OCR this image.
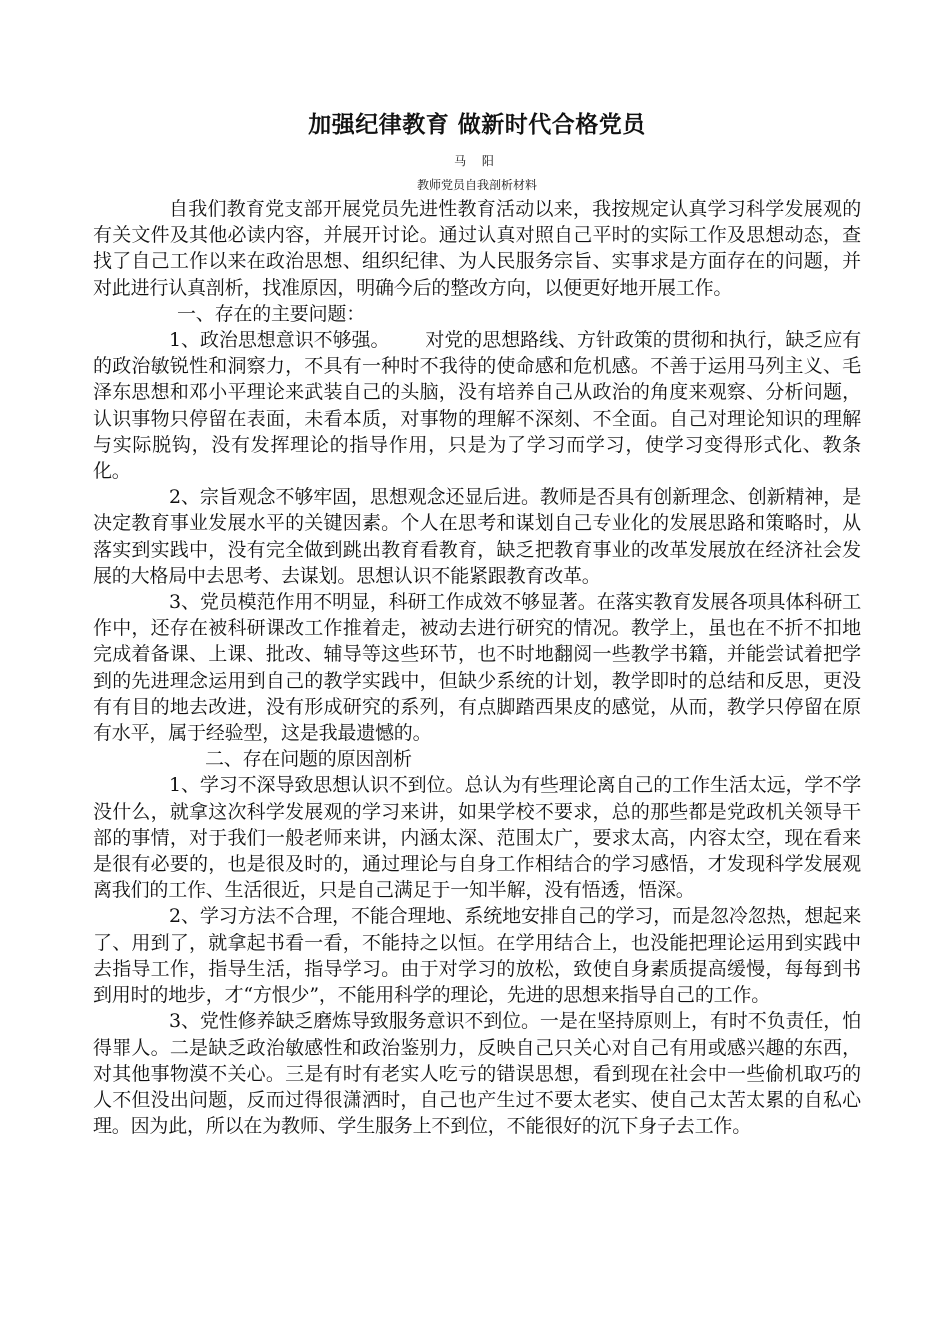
加强纪律教育 做新时代合格党员
马 阳
教师党员自我剖析材料

自我们教育党支部开展党员先进性教育活动以来，我按规定认真学习科学发展观的有关文件及其他必读内容，并展开讨论。通过认真对照自己平时的实际工作及思想动态，查找了自己工作以来在政治思想、组织纪律、为人民服务宗旨、实事求是方面存在的问题，并对此进行认真剖析，找准原因，明确今后的整改方向，以便更好地开展工作。

一、存在的主要问题：

1、政治思想意识不够强。 对党的思想路线、方针政策的贯彻和执行，缺乏应有的政治敏锐性和洞察力，不具有一种时不我待的使命感和危机感。不善于运用马列主义、毛泽东思想和邓小平理论来武装自己的头脑，没有培养自己从政治的角度来观察、分析问题，认识事物只停留在表面，未看本质，对事物的理解不深刻、不全面。自己对理论知识的理解与实际脱钩，没有发挥理论的指导作用，只是为了学习而学习，使学习变得形式化、教条化。

2、宗旨观念不够牢固，思想观念还显后进。教师是否具有创新理念、创新精神，是决定教育事业发展水平的关键因素。个人在思考和谋划自己专业化的发展思路和策略时，从落实到实践中，没有完全做到跳出教育看教育，缺乏把教育事业的改革发展放在经济社会发展的大格局中去思考、去谋划。思想认识不能紧跟教育改革。

3、党员模范作用不明显，科研工作成效不够显著。在落实教育发展各项具体科研工作中，还存在被科研课改工作推着走，被动去进行研究的情况。教学上，虽也在不折不扣地完成着备课、上课、批改、辅导等这些环节，也不时地翻阅一些教学书籍，并能尝试着把学到的先进理念运用到自己的教学实践中，但缺少系统的计划，教学即时的总结和反思，更没有有目的地去改进，没有形成研究的系列，有点脚踏西果皮的感觉，从而，教学只停留在原有水平，属于经验型，这是我最遗憾的。

二、存在问题的原因剖析

1、学习不深导致思想认识不到位。总认为有些理论离自己的工作生活太远，学不学没什么，就拿这次科学发展观的学习来讲，如果学校不要求，总的那些都是党政机关领导干部的事情，对于我们一般老师来讲，内涵太深、范围太广，要求太高，内容太空，现在看来是很有必要的，也是很及时的，通过理论与自身工作相结合的学习感悟，才发现科学发展观离我们的工作、生活很近，只是自己满足于一知半解，没有悟透，悟深。

2、学习方法不合理，不能合理地、系统地安排自己的学习，而是忽冷忽热，想起来了、用到了，就拿起书看一看，不能持之以恒。在学用结合上，也没能把理论运用到实践中去指导工作，指导生活，指导学习。由于对学习的放松，致使自身素质提高缓慢，每每到书到用时的地步，才“方恨少”，不能用科学的理论，先进的思想来指导自己的工作。

3、党性修养缺乏磨炼导致服务意识不到位。一是在坚持原则上，有时不负责任，怕得罪人。二是缺乏政治敏感性和政治鉴别力，反映自己只关心对自己有用或感兴趣的东西，对其他事物漠不关心。三是有时有老实人吃亏的错误思想，看到现在社会中一些偷机取巧的人不但没出问题，反而过得很潇洒时，自己也产生过不要太老实、使自己太苦太累的自私心理。因为此，所以在为教师、学生服务上不到位，不能很好的沉下身子去工作。
